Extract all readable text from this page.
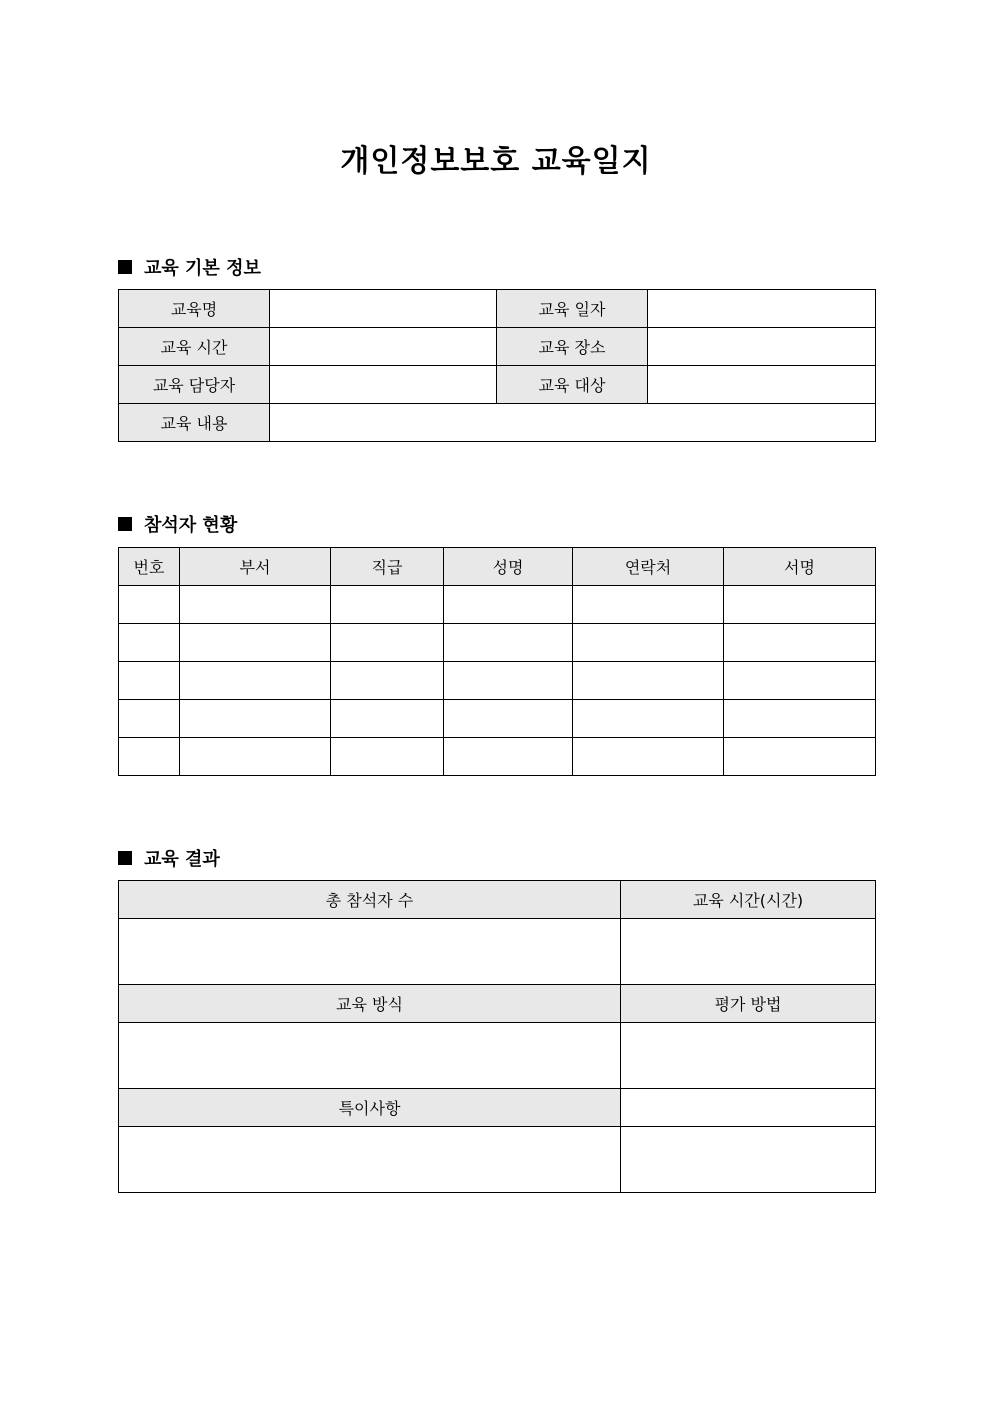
개인정보보호 교육일지
교육 기본 정보
교육명		교육 일자	
교육 시간		교육 장소	
교육 담당자		교육 대상	
교육 내용			
참석자 현황
번호	부서	직급	성명	연락처	서명

교육 결과
총 참석자 수	교육 시간(시간)

교육 방식	평가 방법

특이사항	
